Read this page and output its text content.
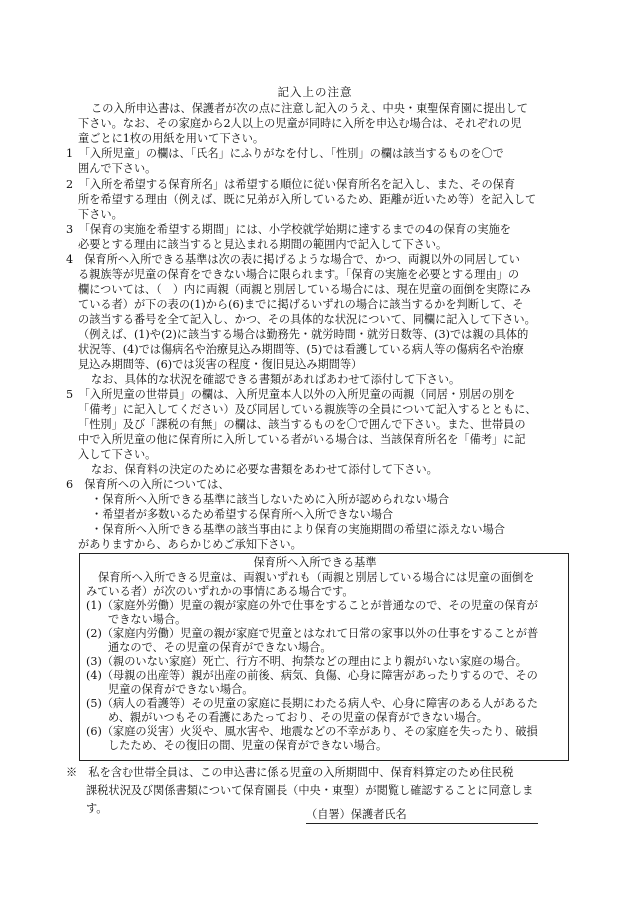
記入上の注意
この入所申込書は、保護者が次の点に注意し記入のうえ、中央・東聖保育園に提出して
下さい。なお、その家庭から2人以上の児童が同時に入所を申込む場合は、それぞれの児
童ごとに1枚の用紙を用いて下さい。
1　「入所児童」の欄は、「氏名」にふりがなを付し、「性別」の欄は該当するものを〇で
囲んで下さい。
2　「入所を希望する保育所名」は希望する順位に従い保育所名を記入し、また、その保育
所を希望する理由（例えば、既に兄弟が入所しているため、距離が近いため等）を記入して
下さい。
3　「保育の実施を希望する期間」には、小学校就学始期に達するまでの4の保育の実施を
必要とする理由に該当すると見込まれる期間の範囲内で記入して下さい。
4　保育所へ入所できる基準は次の表に掲げるような場合で、かつ、両親以外の同居してい
る親族等が児童の保育をできない場合に限られます。「保育の実施を必要とする理由」の
欄については、（　）内に両親（両親と別居している場合には、現在児童の面倒を実際にみ
ている者）が下の表の(1)から(6)までに掲げるいずれの場合に該当するかを判断して、そ
の該当する番号を全て記入し、かつ、その具体的な状況について、同欄に記入して下さい。
（例えば、(1)や(2)に該当する場合は勤務先・就労時間・就労日数等、(3)では親の具体的
状況等、(4)では傷病名や治療見込み期間等、(5)では看護している病人等の傷病名や治療
見込み期間等、(6)では災害の程度・復旧見込み期間等）
なお、具体的な状況を確認できる書類があればあわせて添付して下さい。
5　「入所児童の世帯員」の欄は、入所児童本人以外の入所児童の両親（同居・別居の別を
「備考」に記入してください）及び同居している親族等の全員について記入するとともに、
「性別」及び「課税の有無」の欄は、該当するものを〇で囲んで下さい。また、世帯員の
中で入所児童の他に保育所に入所している者がいる場合は、当該保育所名を「備考」に記
入して下さい。
なお、保育料の決定のために必要な書類をあわせて添付して下さい。
6　保育所への入所については、
・保育所へ入所できる基準に該当しないために入所が認められない場合
・希望者が多数いるため希望する保育所へ入所できない場合
・保育所へ入所できる基準の該当事由により保育の実施期間の希望に添えない場合
がありますから、あらかじめご承知下さい。
保育所へ入所できる基準
保育所へ入所できる児童は、両親いずれも（両親と別居している場合には児童の面倒を
みている者）が次のいずれかの事情にある場合です。
(1)（家庭外労働）児童の親が家庭の外で仕事をすることが普通なので、その児童の保育が
できない場合。
(2)（家庭内労働）児童の親が家庭で児童とはなれて日常の家事以外の仕事をすることが普
通なので、その児童の保育ができない場合。
(3)（親のいない家庭）死亡、行方不明、拘禁などの理由により親がいない家庭の場合。
(4)（母親の出産等）親が出産の前後、病気、負傷、心身に障害があったりするので、その
児童の保育ができない場合。
(5)（病人の看護等）その児童の家庭に長期にわたる病人や、心身に障害のある人があるた
め、親がいつもその看護にあたっており、その児童の保育ができない場合。
(6)（家庭の災害）火災や、風水害や、地震などの不幸があり、その家庭を失ったり、破損
したため、その復旧の間、児童の保育ができない場合。
※　私を含む世帯全員は、この申込書に係る児童の入所期間中、保育料算定のため住民税
課税状況及び関係書類について保育園長（中央・東聖）が閲覧し確認することに同意しま
す。	（自署）保護者氏名
